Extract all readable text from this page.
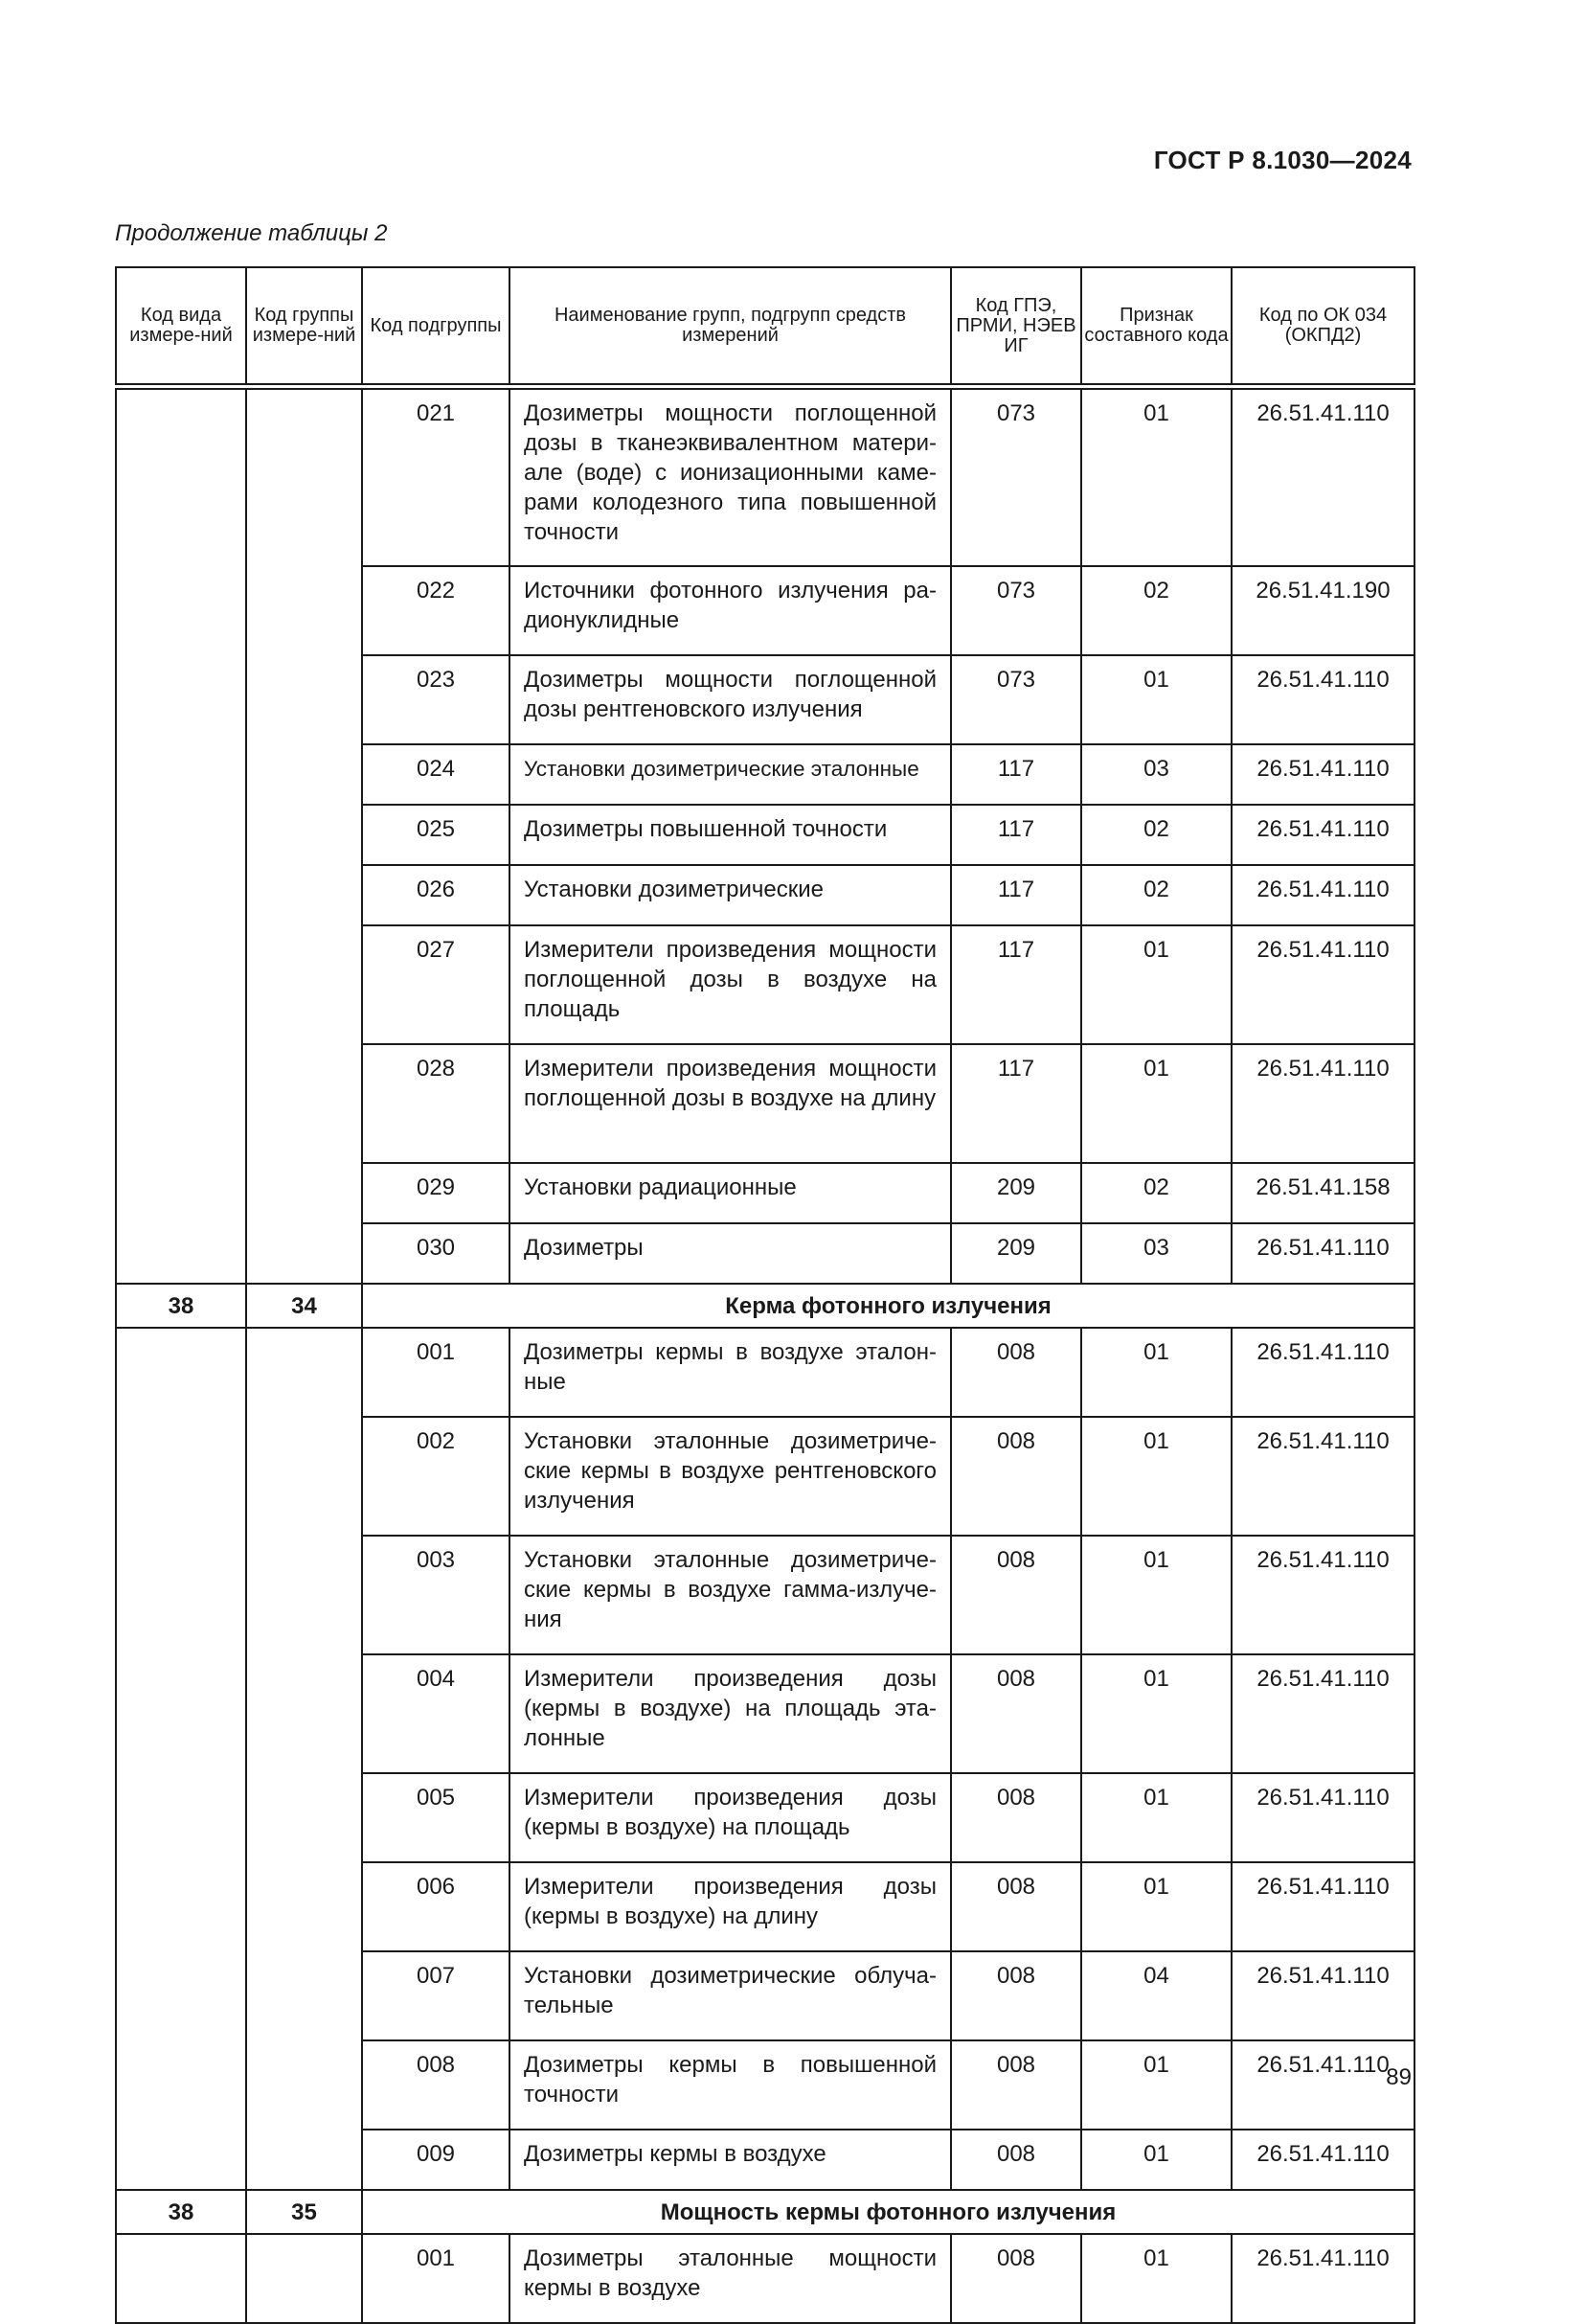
ГОСТ Р 8.1030—2024
Продолжение таблицы 2
Код вида измере-ний	Код группы измере-ний	Код подгруппы	Наименование групп, подгрупп средств измерений	Код ГПЭ, ПРМИ, НЭЕВ ИГ	Признак составного кода	Код по ОК 034 (ОКПД2)
		021	Дозиметры мощности поглощенной дозы в тканеэквивалентном материале (воде) с ионизационными камерами колодезного типа повышенной точности	073	01	26.51.41.110
		022	Источники фотонного излучения радионуклидные	073	02	26.51.41.190
		023	Дозиметры мощности поглощенной дозы рентгеновского излучения	073	01	26.51.41.110
		024	Установки дозиметрические эталонные	117	03	26.51.41.110
		025	Дозиметры повышенной точности	117	02	26.51.41.110
		026	Установки дозиметрические	117	02	26.51.41.110
		027	Измерители произведения мощности поглощенной дозы в воздухе на площадь	117	01	26.51.41.110
		028	Измерители произведения мощности поглощенной дозы в воздухе на длину	117	01	26.51.41.110
		029	Установки радиационные	209	02	26.51.41.158
		030	Дозиметры	209	03	26.51.41.110
38	34	Керма фотонного излучения				
		001	Дозиметры кермы в воздухе эталонные	008	01	26.51.41.110
		002	Установки эталонные дозиметрические кермы в воздухе рентгеновского излучения	008	01	26.51.41.110
		003	Установки эталонные дозиметрические кермы в воздухе гамма-излучения	008	01	26.51.41.110
		004	Измерители произведения дозы (кермы в воздухе) на площадь эталонные	008	01	26.51.41.110
		005	Измерители произведения дозы (кермы в воздухе) на площадь	008	01	26.51.41.110
		006	Измерители произведения дозы (кермы в воздухе) на длину	008	01	26.51.41.110
		007	Установки дозиметрические облучательные	008	04	26.51.41.110
		008	Дозиметры кермы в повышенной точности	008	01	26.51.41.110
		009	Дозиметры кермы в воздухе	008	01	26.51.41.110
38	35	Мощность кермы фотонного излучения				
		001	Дозиметры эталонные мощности кермы в воздухе	008	01	26.51.41.110
89
